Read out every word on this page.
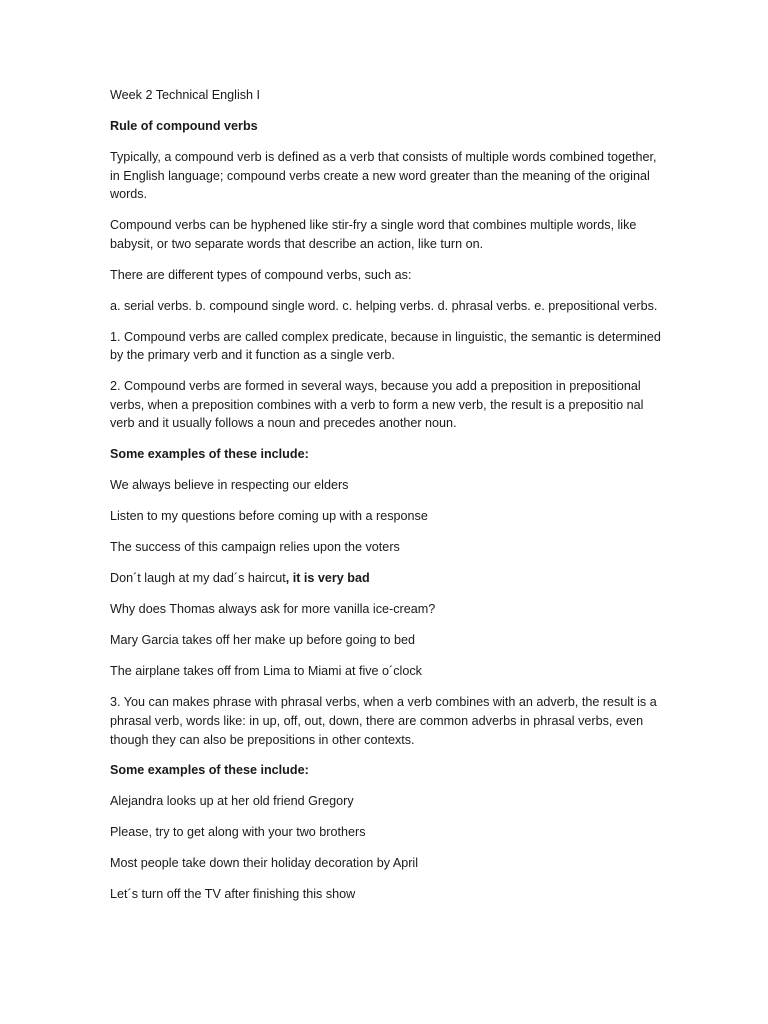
Week 2 Technical English I

Rule of compound verbs

Typically, a compound verb is defined as a verb that consists of multiple words combined together, in English language; compound verbs create a new word greater than the meaning of the original words.

Compound verbs can be hyphened like stir-fry a single word that combines multiple words, like babysit, or two separate words that describe an action, like turn on.

There are different types of compound verbs, such as:

a. serial verbs. b. compound single word. c. helping verbs. d. phrasal verbs. e. prepositional verbs.

1. Compound verbs are called complex predicate, because in linguistic, the semantic is determined by the primary verb and it function as a single verb.

2. Compound verbs are formed in several ways, because you add a preposition in prepositional verbs, when a preposition combines with a verb to form a new verb, the result is a prepositio nal verb and it usually follows a noun and precedes another noun.

Some examples of these include:

We always believe in respecting our elders

Listen to my questions before coming up with a response

The success of this campaign relies upon the voters

Don´t laugh at my dad´s haircut, it is very bad

Why does Thomas always ask for more vanilla ice-cream?

Mary Garcia takes off her make up before going to bed

The airplane takes off from Lima to Miami at five o´clock

3. You can makes phrase with phrasal verbs, when a verb combines with an adverb, the result is a phrasal verb, words like: in up, off, out, down, there are common adverbs in phrasal verbs, even though they can also be prepositions in other contexts.

Some examples of these include:

Alejandra looks up at her old friend Gregory

Please, try to get along with your two brothers

Most people take down their holiday decoration by April

Let´s turn off the TV after finishing this show
